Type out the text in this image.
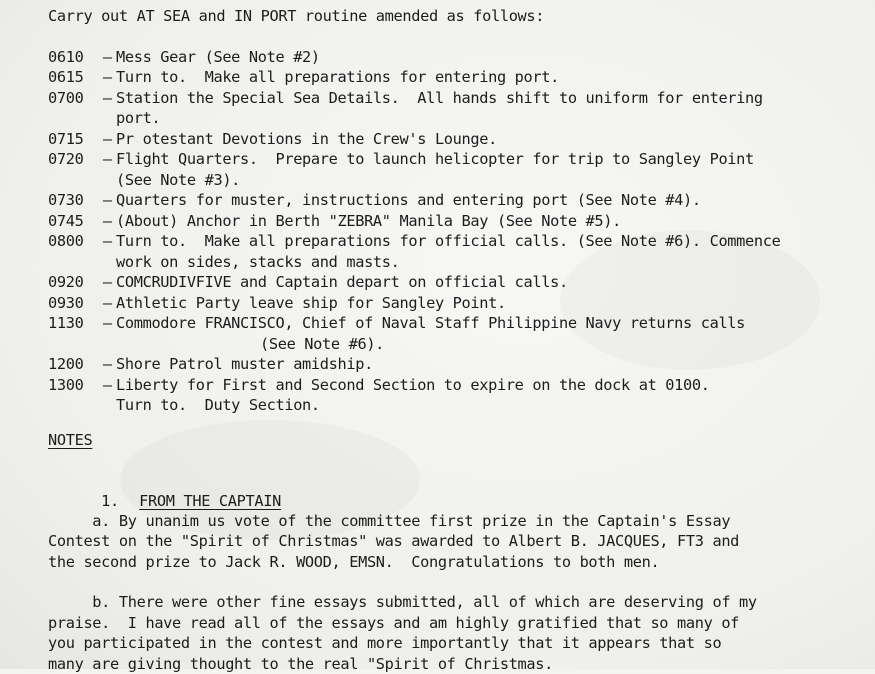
Carry out AT SEA and IN PORT routine amended as follows:
0610 – Mess Gear (See Note #2)
0615 – Turn to.  Make all preparations for entering port.
0700 – Station the Special Sea Details.  All hands shift to uniform for entering
port.
0715 – Pr otestant Devotions in the Crew's Lounge.
0720 – Flight Quarters.  Prepare to launch helicopter for trip to Sangley Point
(See Note #3).
0730 – Quarters for muster, instructions and entering port (See Note #4).
0745 – (About) Anchor in Berth "ZEBRA" Manila Bay (See Note #5).
0800 – Turn to.  Make all preparations for official calls. (See Note #6). Commence
work on sides, stacks and masts.
0920 – COMCRUDIVFIVE and Captain depart on official calls.
0930 – Athletic Party leave ship for Sangley Point.
1130 – Commodore FRANCISCO, Chief of Naval Staff Philippine Navy returns calls
(See Note #6).
1200 – Shore Patrol muster amidship.
1300 – Liberty for First and Second Section to expire on the dock at 0100.
Turn to.  Duty Section.
NOTES

1. FROM THE CAPTAIN

a. By unanim us vote of the committee first prize in the Captain's Essay
Contest on the "Spirit of Christmas" was awarded to Albert B. JACQUES, FT3 and
the second prize to Jack R. WOOD, EMSN.  Congratulations to both men.
b. There were other fine essays submitted, all of which are deserving of my
praise.  I have read all of the essays and am highly gratified that so many of
you participated in the contest and more importantly that it appears that so
many are giving thought to the real "Spirit of Christmas.
